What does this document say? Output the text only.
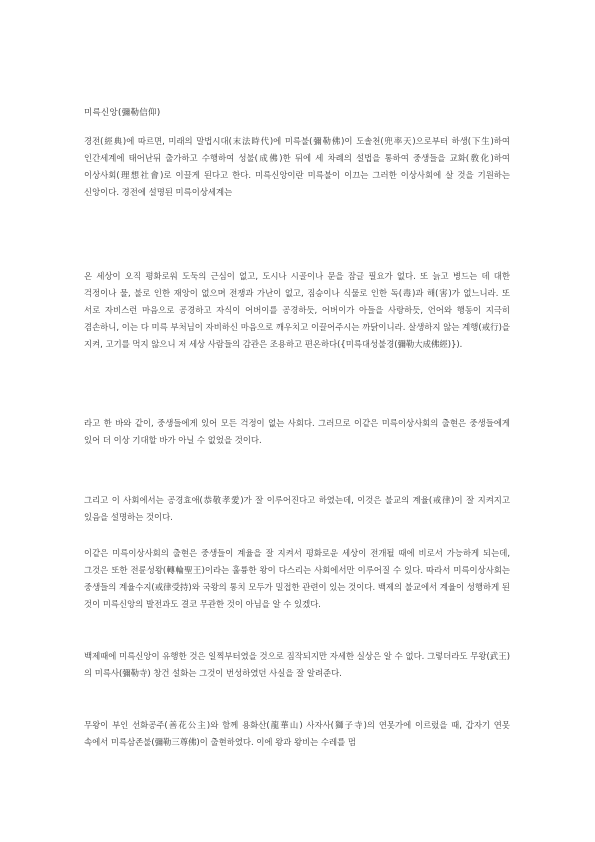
미륵신앙(彌勒信仰)
경전(經典)에 따르면, 미래의 말법시대(末法時代)에 미륵불(彌勒佛)이 도솔천(兜率天)으로부터 하생(下生)하여 인간세계에 태어난뒤 출가하고 수행하여 성불(成佛)한 뒤에 세 차례의 설법을 통하여 중생들을 교화(敎化)하여 이상사회(理想社會)로 이끌게 된다고 한다. 미륵신앙이란 미륵불이 이끄는 그러한 이상사회에 살 것을 기원하는 신앙이다. 경전에 설명된 미륵이상세계는
온 세상이 오직 평화로워 도둑의 근심이 없고, 도시나 시골이나 문을 잠글 필요가 없다. 또 늙고 병드는 데 대한 걱정이나 물, 불로 인한 재앙이 없으며 전쟁과 가난이 없고, 짐승이나 식물로 인한 독(毒)과 해(害)가 없느니라. 또 서로 자비스런 마음으로 공경하고 자식이 어버이를 공경하듯, 어버이가 아들을 사랑하듯, 언어와 행동이 지극히 겸손하니, 이는 다 미륵 부처님이 자비하신 마음으로 깨우치고 이끌어주시는 까닭이니라. 살생하지 않는 계행(戒行)을 지켜, 고기를 먹지 않으니 저 세상 사람들의 감관은 조용하고 편온하다({미륵대성불경(彌勒大成佛經)}).
라고 한 바와 같이, 중생들에게 있어 모든 걱정이 없는 사회다. 그러므로 이같은 미륵이상사회의 출현은 중생들에게 있어 더 이상 기대할 바가 아닐 수 없었을 것이다.
그리고 이 사회에서는 공경효애(恭敬孝愛)가 잘 이루어진다고 하였는데, 이것은 불교의 계율(戒律)이 잘 지켜지고 있음을 설명하는 것이다.
이같은 미륵이상사회의 출현은 중생들이 계율을 잘 지켜서 평화로운 세상이 전개될 때에 비로서 가능하게 되는데, 그것은 또한 전륜성왕(轉輪聖王)이라는 훌륭한 왕이 다스리는 사회에서만 이루어질 수 있다. 따라서 미륵이상사회는 중생들의 계율수지(戒律受持)와 국왕의 통치 모두가 밀접한 관련이 있는 것이다. 백제의 불교에서 계율이 성행하게 된 것이 미륵신앙의 발전과도 결코 무관한 것이 아님을 알 수 있겠다.
백제때에 미륵신앙이 유행한 것은 일찍부터였을 것으로 짐작되지만 자세한 실상은 알 수 없다. 그렇더라도 무왕(武王)의 미륵사(彌勒寺) 창건 설화는 그것이 번성하였던 사실을 잘 알려준다.
무왕이 부인 선화공주(善花公主)와 함께 용화산(龍華山) 사자사(獅子寺)의 연못가에 이르렀을 때, 갑자기 연못 속에서 미륵삼존불(彌勒三尊佛)이 출현하였다. 이에 왕과 왕비는 수레를 멈
